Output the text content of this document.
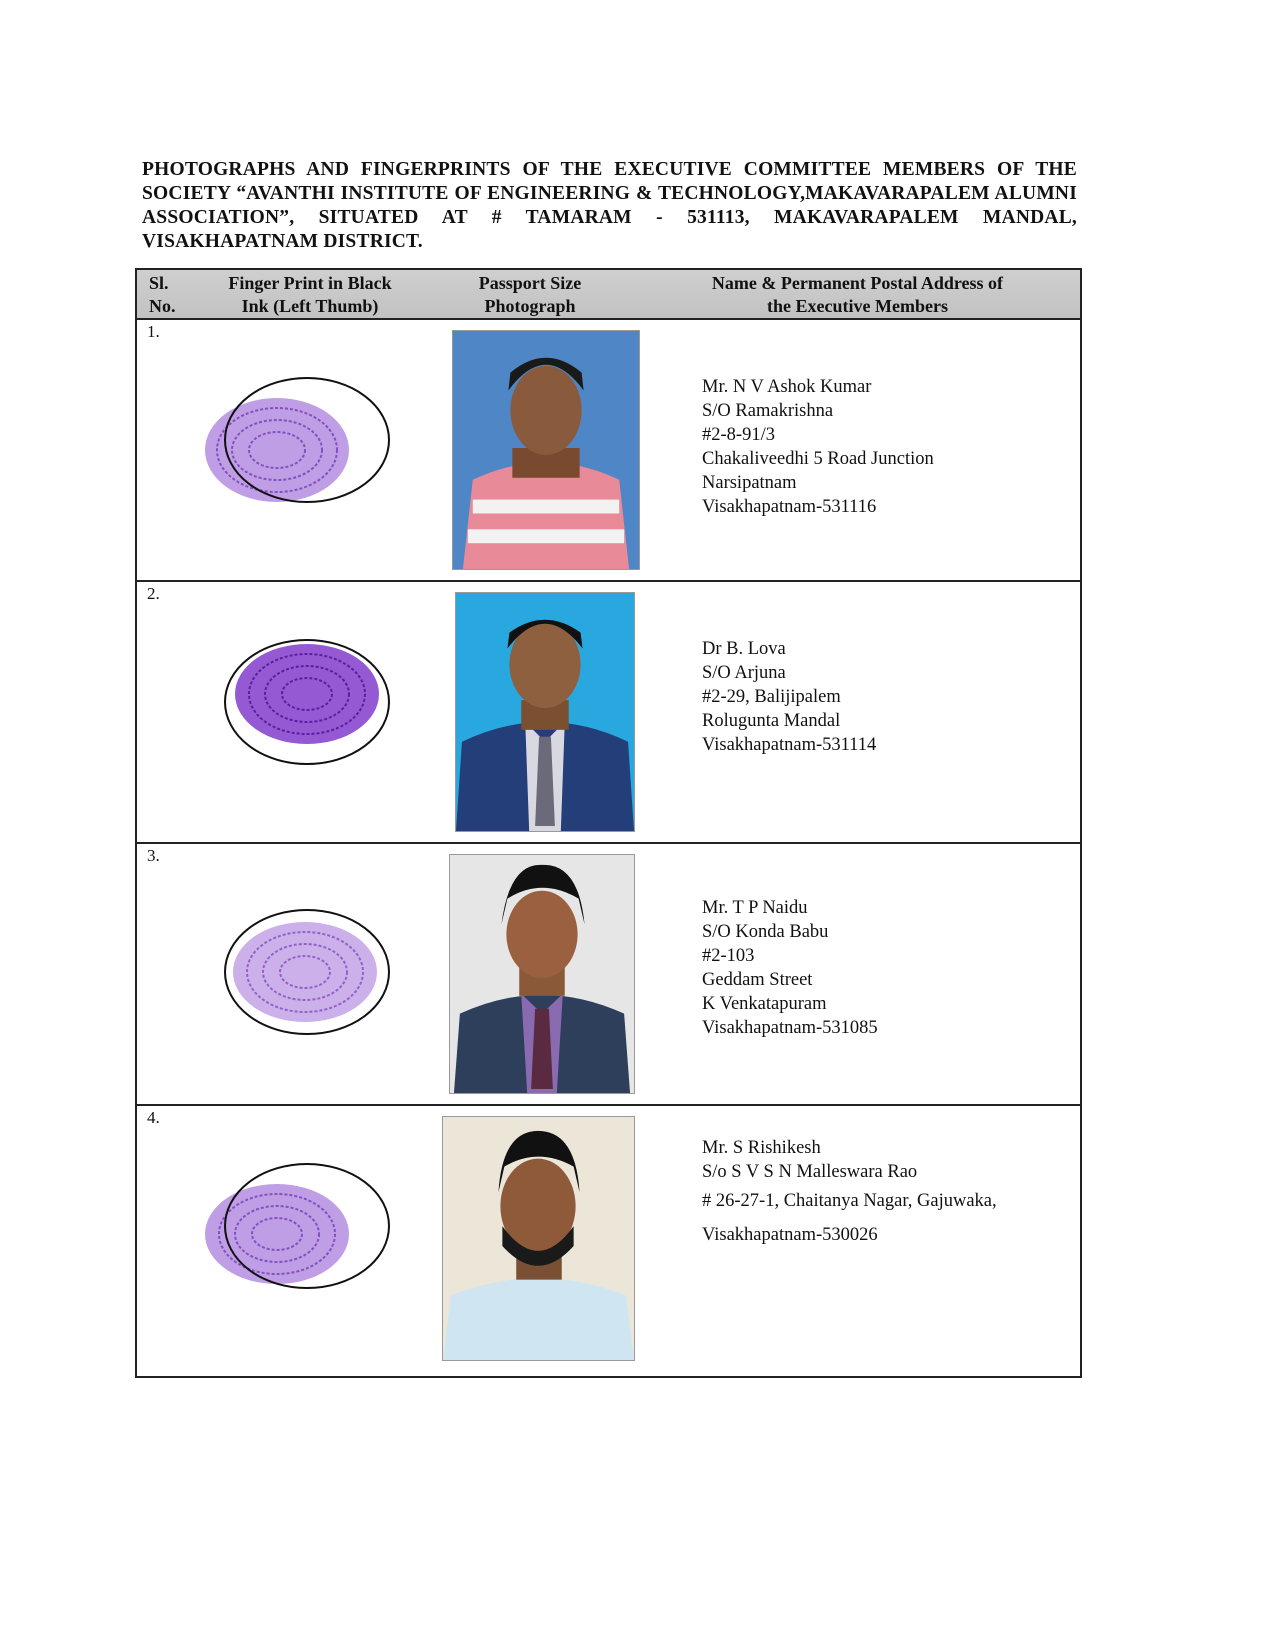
PHOTOGRAPHS AND FINGERPRINTS OF THE EXECUTIVE COMMITTEE MEMBERS OF THE SOCIETY “AVANTHI INSTITUTE OF ENGINEERING & TECHNOLOGY,MAKAVARAPALEM ALUMNI ASSOCIATION”, SITUATED AT # TAMARAM - 531113, MAKAVARAPALEM MANDAL, VISAKHAPATNAM DISTRICT.
Sl.
No.
Finger Print in Black
Ink (Left Thumb)
Passport Size
Photograph
Name & Permanent Postal Address of
the Executive Members
1.
Mr. N V Ashok Kumar
S/O Ramakrishna
#2-8-91/3
Chakaliveedhi 5 Road Junction
Narsipatnam
Visakhapatnam-531116
2.
Dr B. Lova
S/O Arjuna
#2-29, Balijipalem
Rolugunta Mandal
Visakhapatnam-531114
3.
Mr. T P Naidu
S/O Konda Babu
#2-103
Geddam Street
K Venkatapuram
Visakhapatnam-531085
4.
Mr. S Rishikesh
S/o S V S N Malleswara Rao
# 26-27-1, Chaitanya Nagar, Gajuwaka,
Visakhapatnam-530026
